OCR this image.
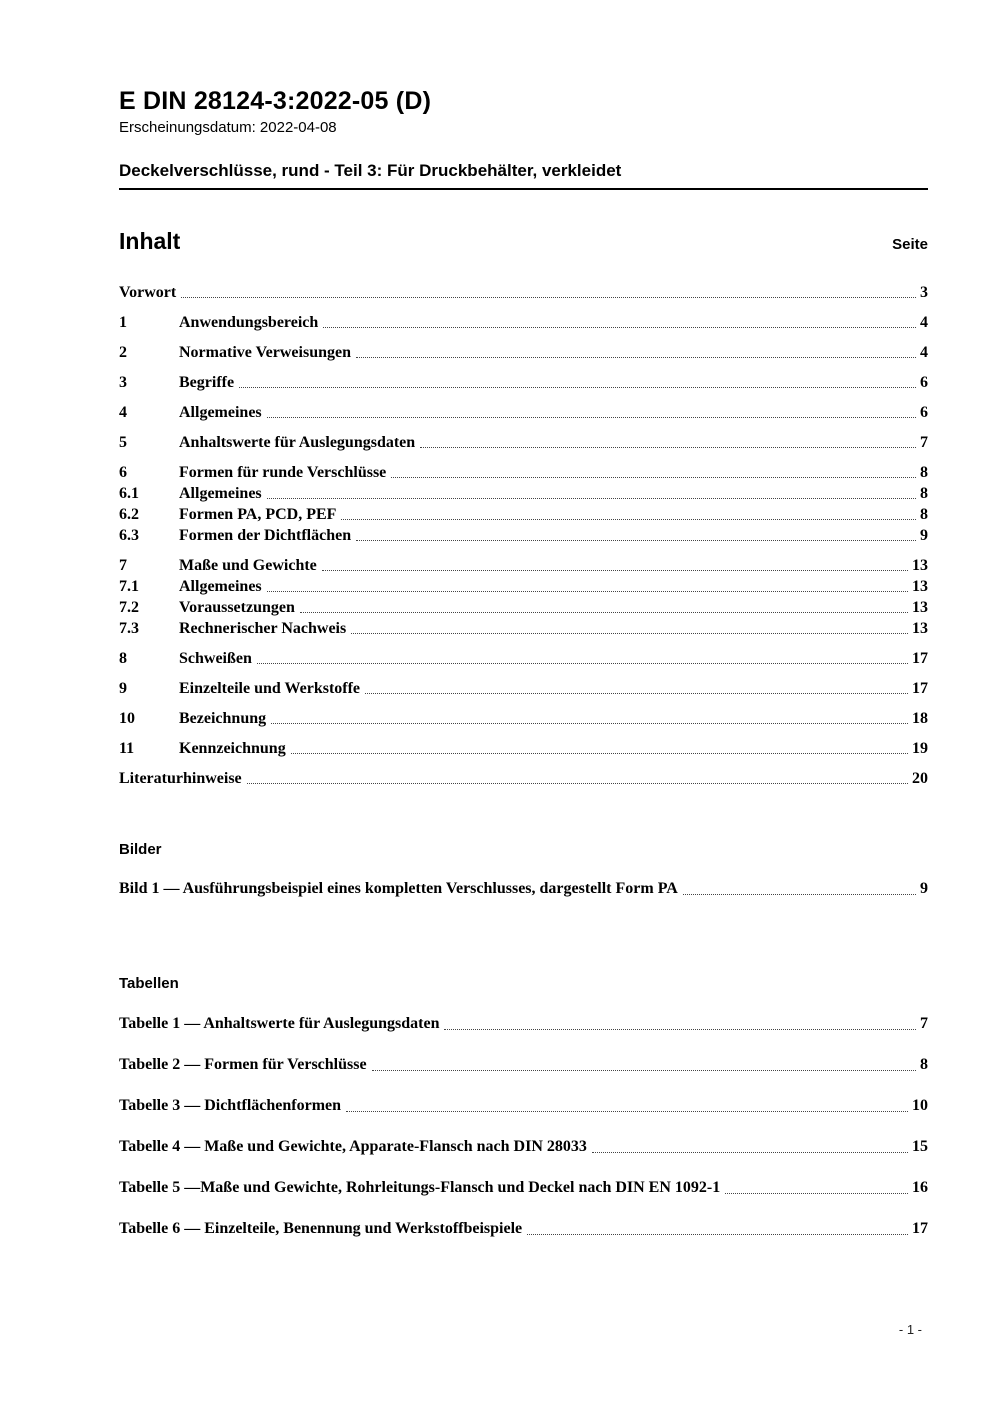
E DIN 28124-3:2022-05 (D)
Erscheinungsdatum: 2022-04-08
Deckelverschlüsse, rund - Teil 3: Für Druckbehälter, verkleidet
Inhalt	Seite
Vorwort	3
1	Anwendungsbereich	4
2	Normative Verweisungen	4
3	Begriffe	6
4	Allgemeines	6
5	Anhaltswerte für Auslegungsdaten	7
6	Formen für runde Verschlüsse	8
6.1	Allgemeines	8
6.2	Formen PA, PCD, PEF	8
6.3	Formen der Dichtflächen	9
7	Maße und Gewichte	13
7.1	Allgemeines	13
7.2	Voraussetzungen	13
7.3	Rechnerischer Nachweis	13
8	Schweißen	17
9	Einzelteile und Werkstoffe	17
10	Bezeichnung	18
11	Kennzeichnung	19
Literaturhinweise	20
Bilder
Bild 1 — Ausführungsbeispiel eines kompletten Verschlusses, dargestellt Form PA	9
Tabellen
Tabelle 1 — Anhaltswerte für Auslegungsdaten	7
Tabelle 2 — Formen für Verschlüsse	8
Tabelle 3 — Dichtflächenformen	10
Tabelle 4 — Maße und Gewichte, Apparate-Flansch nach DIN 28033	15
Tabelle 5 —Maße und Gewichte, Rohrleitungs-Flansch und Deckel nach DIN EN 1092-1	16
Tabelle 6 — Einzelteile, Benennung und Werkstoffbeispiele	17
- 1 -
